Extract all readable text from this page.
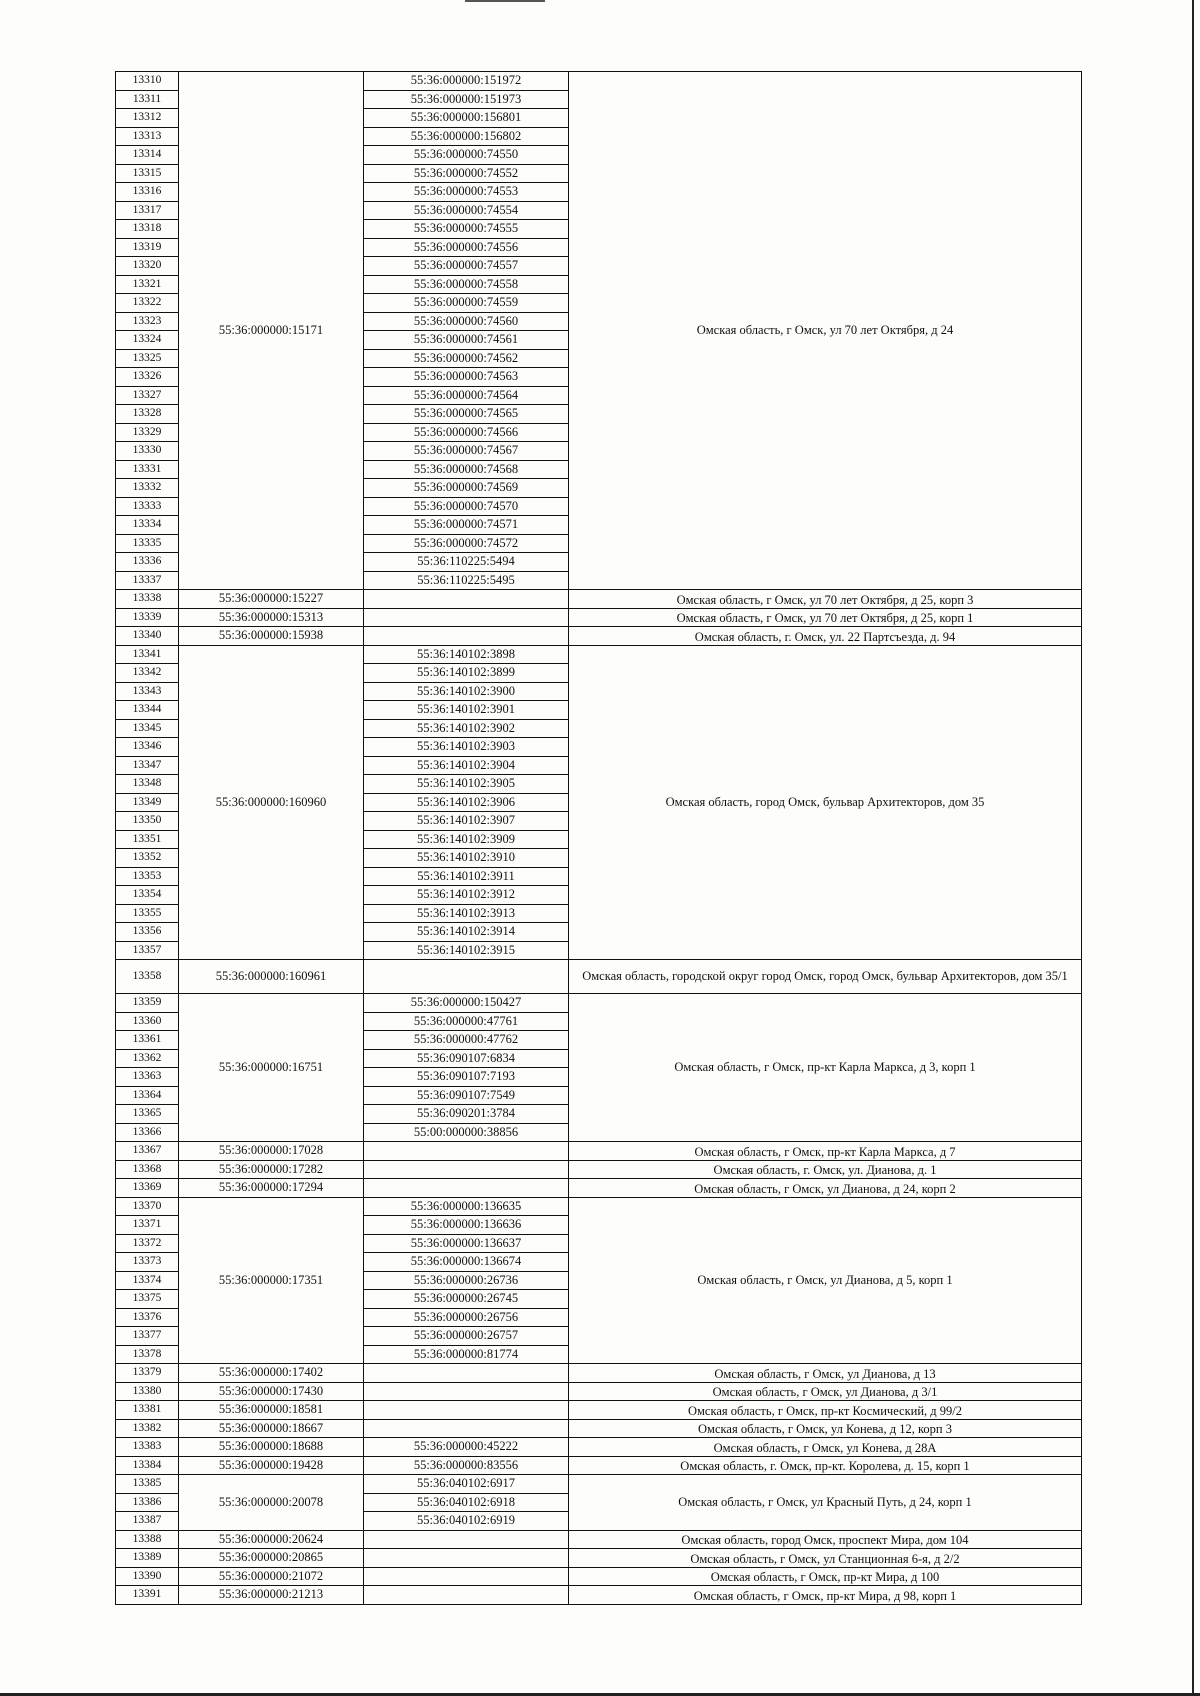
13310	55:36:000000:15171	55:36:000000:151972	Омская область, г Омск, ул 70 лет Октября, д 24
13311		55:36:000000:151973	
13312		55:36:000000:156801	
13313		55:36:000000:156802	
13314		55:36:000000:74550	
13315		55:36:000000:74552	
13316		55:36:000000:74553	
13317		55:36:000000:74554	
13318		55:36:000000:74555	
13319		55:36:000000:74556	
13320		55:36:000000:74557	
13321		55:36:000000:74558	
13322		55:36:000000:74559	
13323		55:36:000000:74560	
13324		55:36:000000:74561	
13325		55:36:000000:74562	
13326		55:36:000000:74563	
13327		55:36:000000:74564	
13328		55:36:000000:74565	
13329		55:36:000000:74566	
13330		55:36:000000:74567	
13331		55:36:000000:74568	
13332		55:36:000000:74569	
13333		55:36:000000:74570	
13334		55:36:000000:74571	
13335		55:36:000000:74572	
13336		55:36:110225:5494	
13337		55:36:110225:5495	
13338	55:36:000000:15227		Омская область, г Омск, ул 70 лет Октября, д 25, корп 3
13339	55:36:000000:15313		Омская область, г Омск, ул 70 лет Октября, д 25, корп 1
13340	55:36:000000:15938		Омская область, г. Омск, ул. 22 Партсъезда, д. 94
13341	55:36:000000:160960	55:36:140102:3898	Омская область, город Омск, бульвар Архитекторов, дом 35
13342		55:36:140102:3899	
13343		55:36:140102:3900	
13344		55:36:140102:3901	
13345		55:36:140102:3902	
13346		55:36:140102:3903	
13347		55:36:140102:3904	
13348		55:36:140102:3905	
13349		55:36:140102:3906	
13350		55:36:140102:3907	
13351		55:36:140102:3909	
13352		55:36:140102:3910	
13353		55:36:140102:3911	
13354		55:36:140102:3912	
13355		55:36:140102:3913	
13356		55:36:140102:3914	
13357		55:36:140102:3915	
13358	55:36:000000:160961		Омская область, городской округ город Омск, город Омск, бульвар Архитекторов, дом 35/1
13359	55:36:000000:16751	55:36:000000:150427	Омская область, г Омск, пр-кт Карла Маркса, д 3, корп 1
13360		55:36:000000:47761	
13361		55:36:000000:47762	
13362		55:36:090107:6834	
13363		55:36:090107:7193	
13364		55:36:090107:7549	
13365		55:36:090201:3784	
13366		55:00:000000:38856	
13367	55:36:000000:17028		Омская область, г Омск, пр-кт Карла Маркса, д 7
13368	55:36:000000:17282		Омская область, г. Омск, ул. Дианова, д. 1
13369	55:36:000000:17294		Омская область, г Омск, ул Дианова, д 24, корп 2
13370	55:36:000000:17351	55:36:000000:136635	Омская область, г Омск, ул Дианова, д 5, корп 1
13371		55:36:000000:136636	
13372		55:36:000000:136637	
13373		55:36:000000:136674	
13374		55:36:000000:26736	
13375		55:36:000000:26745	
13376		55:36:000000:26756	
13377		55:36:000000:26757	
13378		55:36:000000:81774	
13379	55:36:000000:17402		Омская область, г Омск, ул Дианова, д 13
13380	55:36:000000:17430		Омская область, г Омск, ул Дианова, д 3/1
13381	55:36:000000:18581		Омская область, г Омск, пр-кт Космический, д 99/2
13382	55:36:000000:18667		Омская область, г Омск, ул Конева, д 12, корп 3
13383	55:36:000000:18688	55:36:000000:45222	Омская область, г Омск, ул Конева, д 28А
13384	55:36:000000:19428	55:36:000000:83556	Омская область, г. Омск, пр-кт. Королева, д. 15, корп 1
13385	55:36:000000:20078	55:36:040102:6917	Омская область, г Омск, ул Красный Путь, д 24, корп 1
13386		55:36:040102:6918	
13387		55:36:040102:6919	
13388	55:36:000000:20624		Омская область, город Омск, проспект Мира, дом 104
13389	55:36:000000:20865		Омская область, г Омск, ул Станционная 6-я, д 2/2
13390	55:36:000000:21072		Омская область, г Омск, пр-кт Мира, д 100
13391	55:36:000000:21213		Омская область, г Омск, пр-кт Мира, д 98, корп 1
